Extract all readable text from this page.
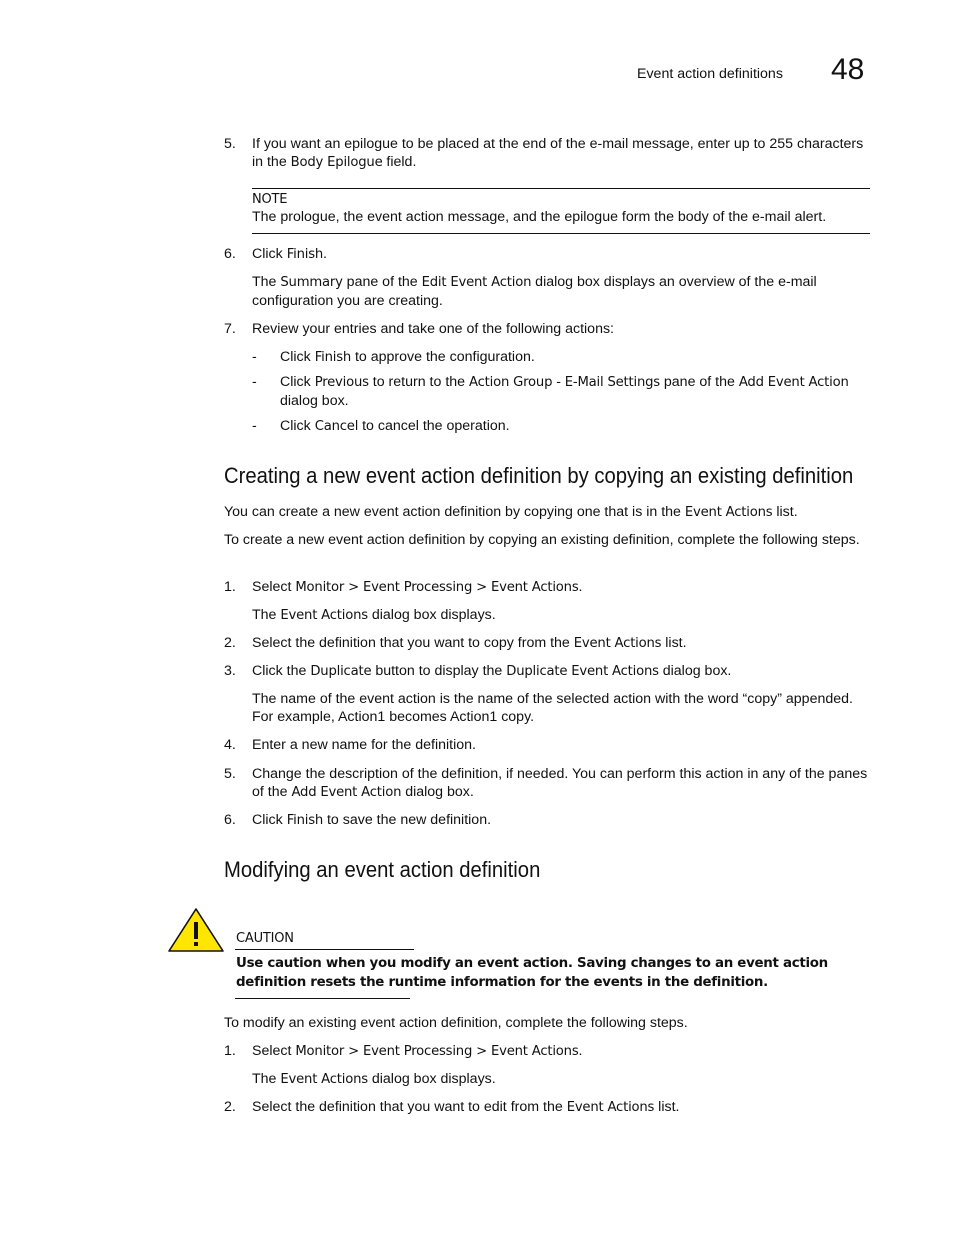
Event action definitions 48
5. If you want an epilogue to be placed at the end of the e-mail message, enter up to 255 characters in the Body Epilogue field.
NOTE
The prologue, the event action message, and the epilogue form the body of the e-mail alert.
6. Click Finish.
The Summary pane of the Edit Event Action dialog box displays an overview of the e-mail configuration you are creating.
7. Review your entries and take one of the following actions:
- Click Finish to approve the configuration.
- Click Previous to return to the Action Group - E-Mail Settings pane of the Add Event Action dialog box.
- Click Cancel to cancel the operation.
Creating a new event action definition by copying an existing definition
You can create a new event action definition by copying one that is in the Event Actions list.
To create a new event action definition by copying an existing definition, complete the following steps.
1. Select Monitor > Event Processing > Event Actions.
The Event Actions dialog box displays.
2. Select the definition that you want to copy from the Event Actions list.
3. Click the Duplicate button to display the Duplicate Event Actions dialog box.
The name of the event action is the name of the selected action with the word “copy” appended. For example, Action1 becomes Action1 copy.
4. Enter a new name for the definition.
5. Change the description of the definition, if needed. You can perform this action in any of the panes of the Add Event Action dialog box.
6. Click Finish to save the new definition.
Modifying an event action definition
CAUTION
Use caution when you modify an event action. Saving changes to an event action definition resets the runtime information for the events in the definition.
To modify an existing event action definition, complete the following steps.
1. Select Monitor > Event Processing > Event Actions.
The Event Actions dialog box displays.
2. Select the definition that you want to edit from the Event Actions list.
